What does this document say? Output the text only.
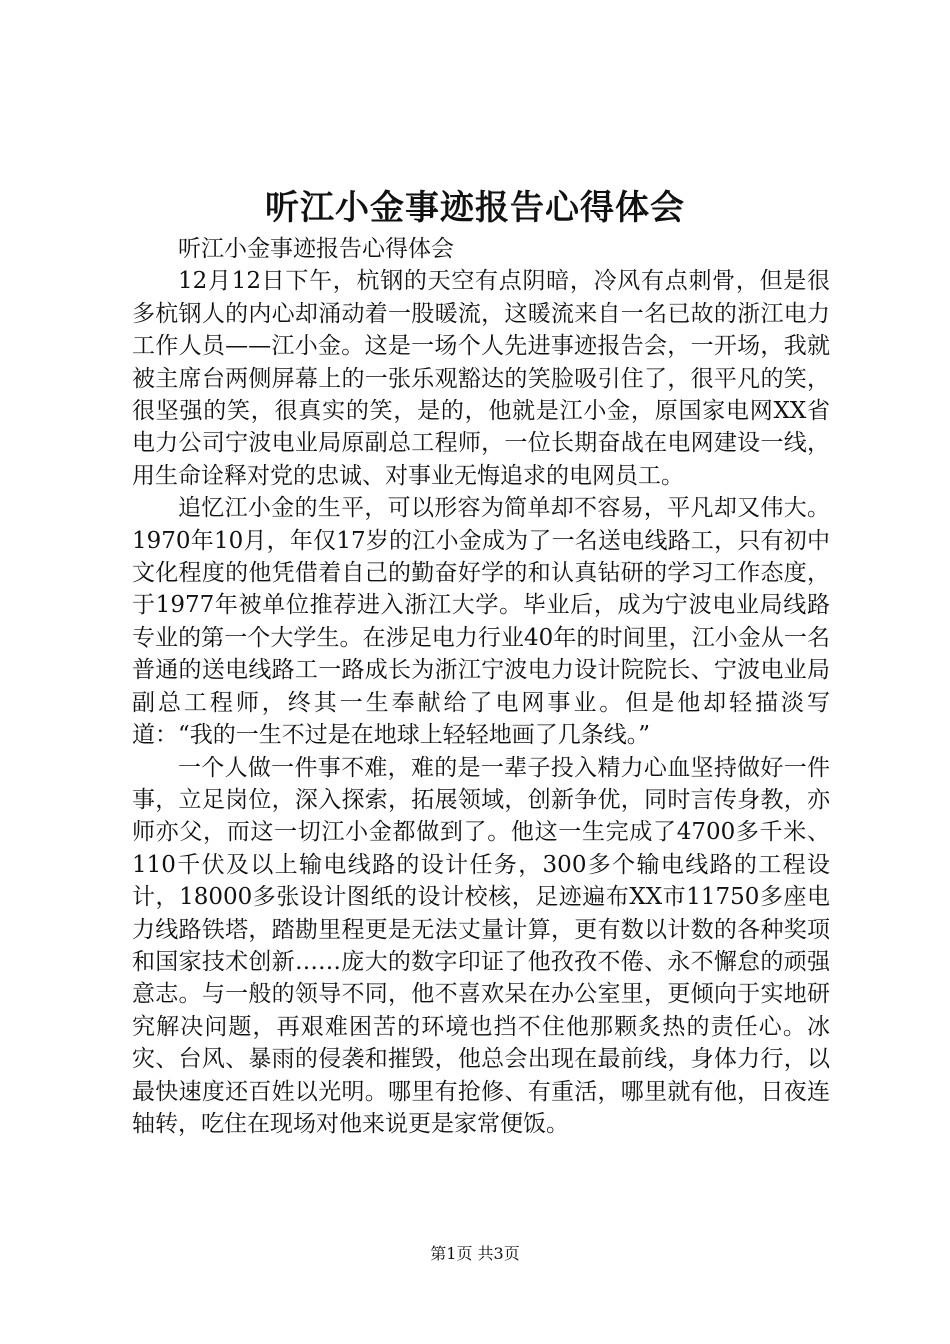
听江小金事迹报告心得体会

听江小金事迹报告心得体会

12月12日下午，杭钢的天空有点阴暗，冷风有点刺骨，但是很多杭钢人的内心却涌动着一股暖流，这暖流来自一名已故的浙江电力工作人员——江小金。这是一场个人先进事迹报告会，一开场，我就被主席台两侧屏幕上的一张乐观豁达的笑脸吸引住了，很平凡的笑，很坚强的笑，很真实的笑，是的，他就是江小金，原国家电网XX省电力公司宁波电业局原副总工程师，一位长期奋战在电网建设一线，用生命诠释对党的忠诚、对事业无悔追求的电网员工。

追忆江小金的生平，可以形容为简单却不容易，平凡却又伟大。1970年10月，年仅17岁的江小金成为了一名送电线路工，只有初中文化程度的他凭借着自己的勤奋好学的和认真钻研的学习工作态度，于1977年被单位推荐进入浙江大学。毕业后，成为宁波电业局线路专业的第一个大学生。在涉足电力行业40年的时间里，江小金从一名普通的送电线路工一路成长为浙江宁波电力设计院院长、宁波电业局副总工程师，终其一生奉献给了电网事业。但是他却轻描淡写道：“我的一生不过是在地球上轻轻地画了几条线。”

一个人做一件事不难，难的是一辈子投入精力心血坚持做好一件事，立足岗位，深入探索，拓展领域，创新争优，同时言传身教，亦师亦父，而这一切江小金都做到了。他这一生完成了4700多千米、110千伏及以上输电线路的设计任务，300多个输电线路的工程设计，18000多张设计图纸的设计校核，足迹遍布XX市11750多座电力线路铁塔，踏勘里程更是无法丈量计算，更有数以计数的各种奖项和国家技术创新……庞大的数字印证了他孜孜不倦、永不懈怠的顽强意志。与一般的领导不同，他不喜欢呆在办公室里，更倾向于实地研究解决问题，再艰难困苦的环境也挡不住他那颗炙热的责任心。冰灾、台风、暴雨的侵袭和摧毁，他总会出现在最前线，身体力行，以最快速度还百姓以光明。哪里有抢修、有重活，哪里就有他，日夜连轴转，吃住在现场对他来说更是家常便饭。

第1页 共3页
